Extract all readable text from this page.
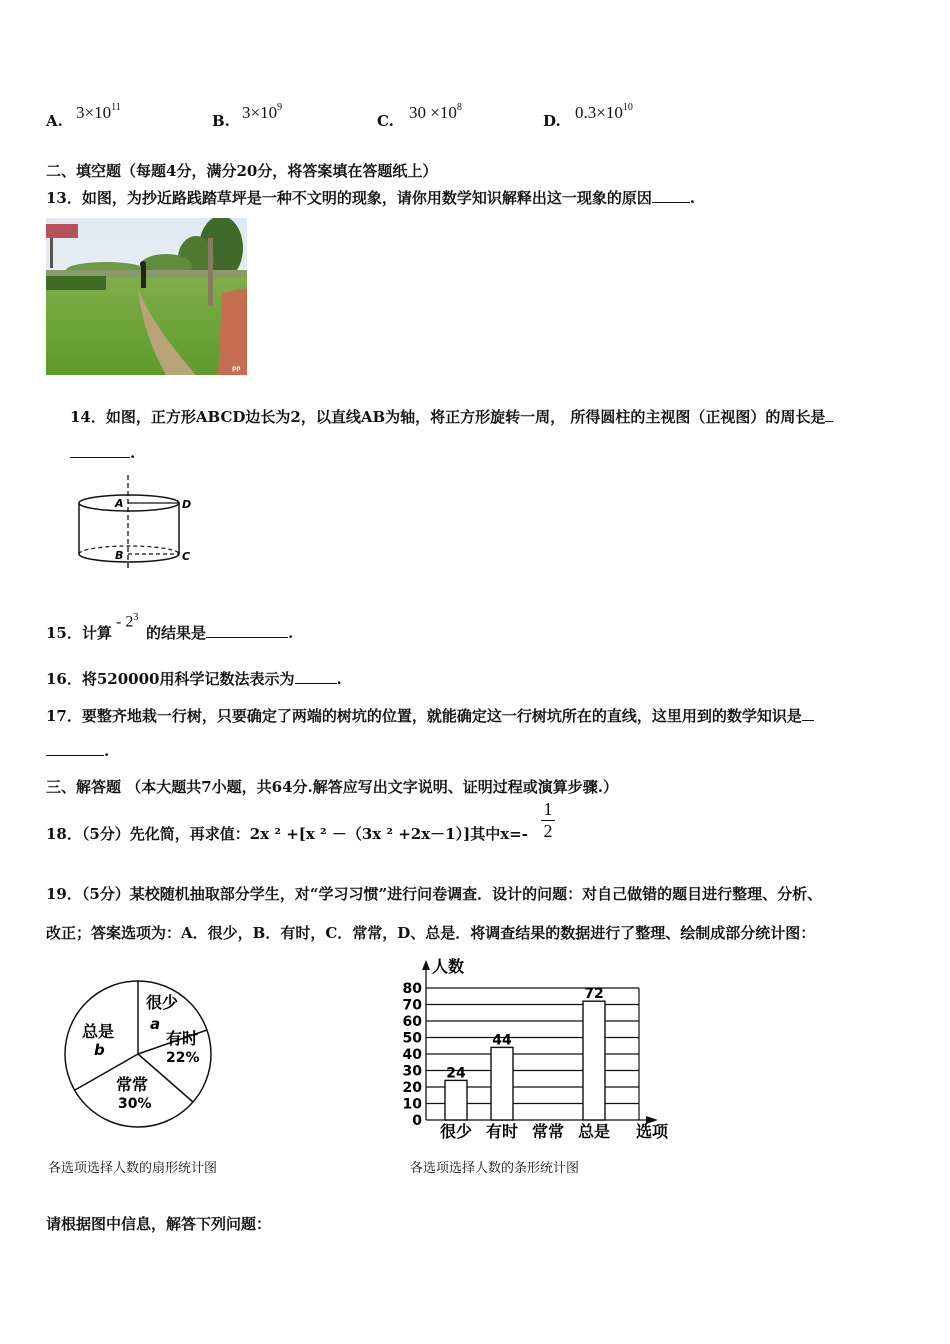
A. $3\times 10^{11}$
B. $3\times 10^9$
C. $30 \times 10^8$
D. $0.3\times 10^{10}$
二、填空题（每题4分，满分20分，将答案填在答题纸上）
13．如图，为抄近路践踏草坪是一种不文明的现象，请你用数学知识解释出这一现象的原因	.
pp
14．如图，正方形ABCD边长为2，以直线AB为轴，将正方形旋转一周， 所得圆柱的主视图（正视图）的周长是
.
A	D
B	C
15．计算
- $2^3$
的结果是	.
16．将520000用科学记数法表示为	.
17．要整齐地栽一行树，只要确定了两端的树坑的位置，就能确定这一行树坑所在的直线，这里用到的数学知识是
.
三、解答题 （本大题共7小题，共64分.解答应写出文字说明、证明过程或演算步骤.）
18．（5分）先化简，再求值：2x ² +[x ² －（3x ² +2x－1）]其中x=-
1
2
19．（5分）某校随机抽取部分学生，对“学习习惯”进行问卷调查．设计的问题：对自己做错的题目进行整理、分析、
改正；答案选项为：A．很少，B．有时，C．常常，D、总是．将调查结果的数据进行了整理、绘制成部分统计图：
很少
a
有时
22%
常常
30%
总是
b
各选项选择人数的扇形统计图
0
10
20
30
40
50
60
70
80
人数
选项
很少
24
有时
44
常常 总是
72
各选项选择人数的条形统计图
请根据图中信息，解答下列问题：
